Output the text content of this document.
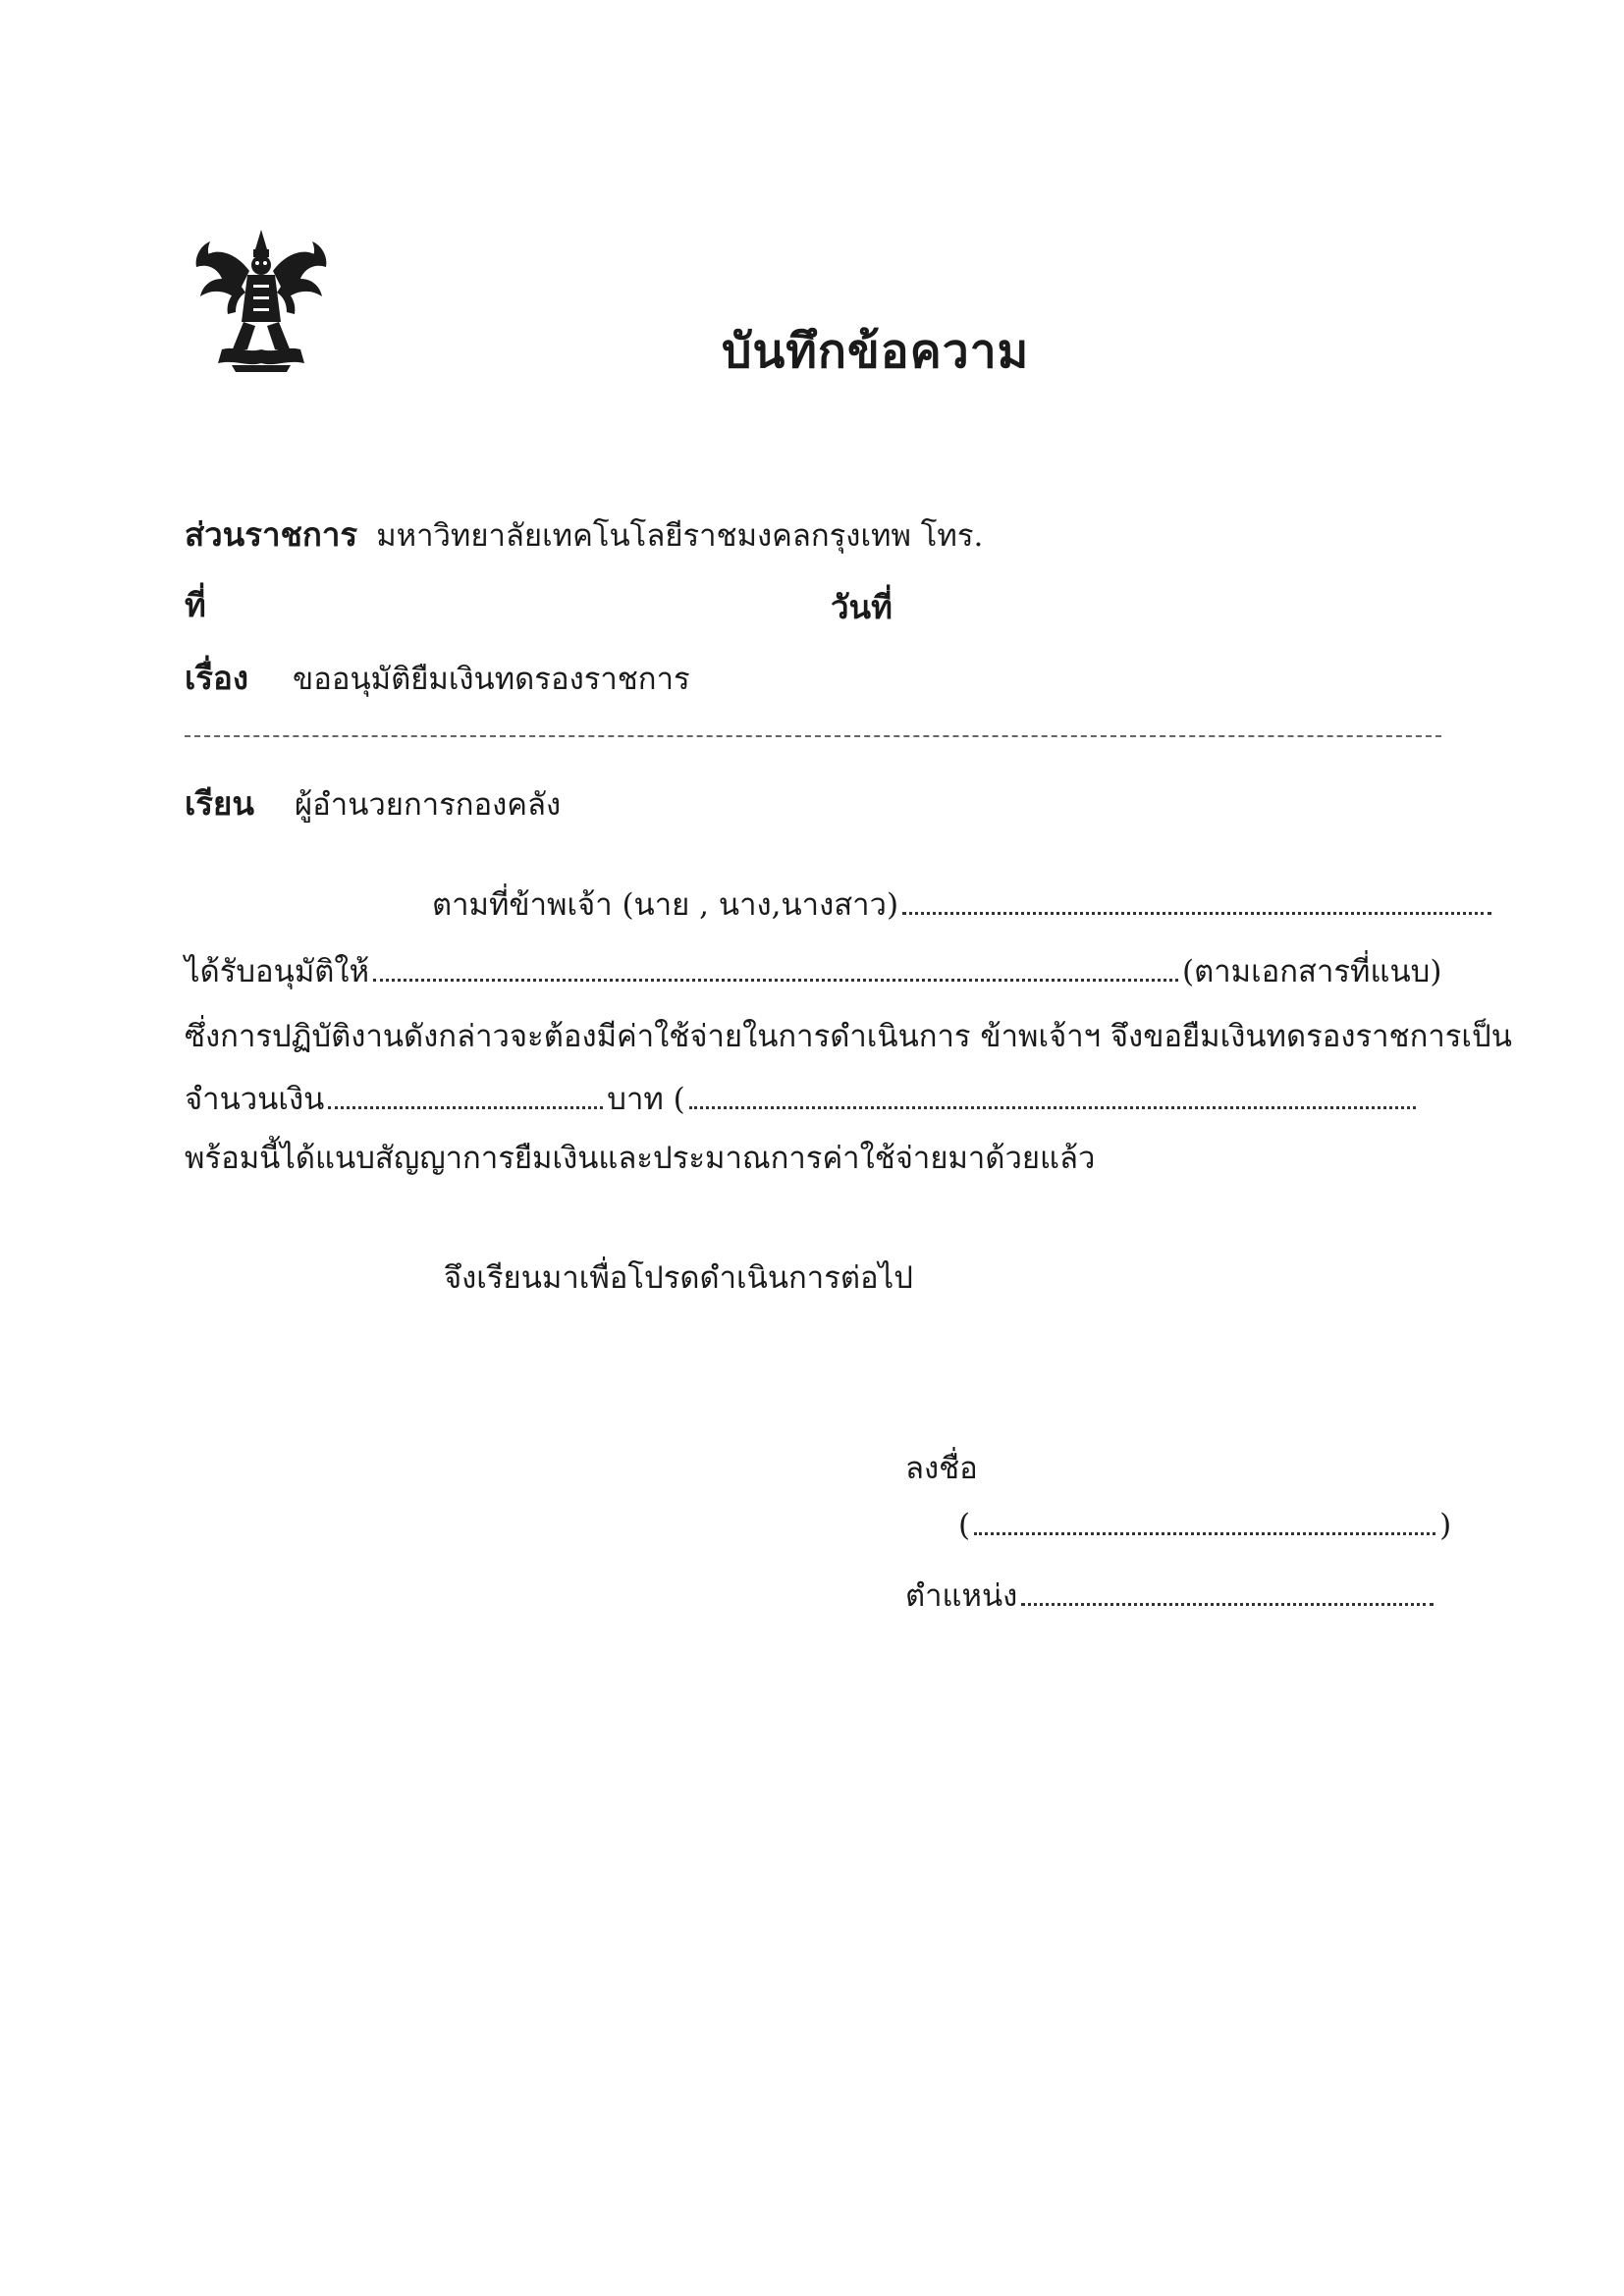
บันทึกข้อความ
ส่วนราชการ มหาวิทยาลัยเทคโนโลยีราชมงคลกรุงเทพ โทร.
ที่	วันที่
เรื่อง ขออนุมัติยืมเงินทดรองราชการ
เรียน ผู้อำนวยการกองคลัง
ตามที่ข้าพเจ้า (นาย , นาง,นางสาว)
ได้รับอนุมัติให้	(ตามเอกสารที่แนบ)
ซึ่งการปฏิบัติงานดังกล่าวจะต้องมีค่าใช้จ่ายในการดำเนินการ ข้าพเจ้าฯ จึงขอยืมเงินทดรองราชการเป็น
จำนวนเงิน	บาท (
พร้อมนี้ได้แนบสัญญาการยืมเงินและประมาณการค่าใช้จ่ายมาด้วยแล้ว
จึงเรียนมาเพื่อโปรดดำเนินการต่อไป
ลงชื่อ
(	)
ตำแหน่ง
